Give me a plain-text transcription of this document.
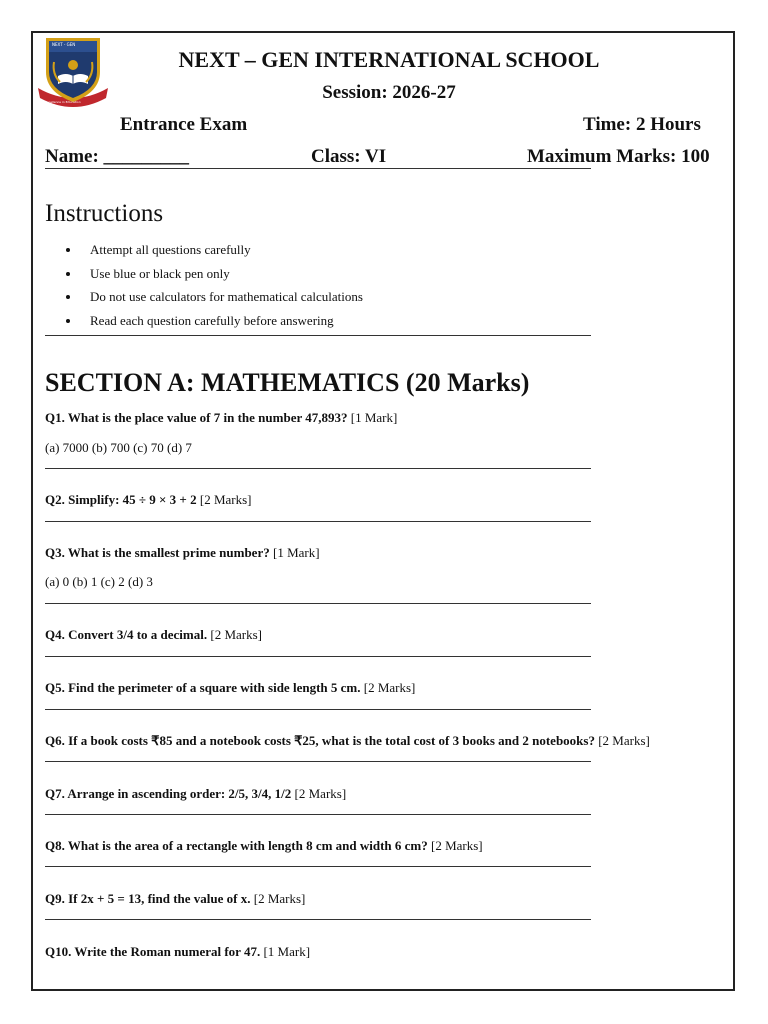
NEXT - GEN
Excellence in Education
NEXT – GEN INTERNATIONAL SCHOOL
Session: 2026-27
Entrance Exam	Time: 2 Hours
Name: _________	Class: VI	Maximum Marks: 100
Instructions
Attempt all questions carefully
Use blue or black pen only
Do not use calculators for mathematical calculations
Read each question carefully before answering
SECTION A: MATHEMATICS (20 Marks)
Q1. What is the place value of 7 in the number 47,893? [1 Mark]
(a) 7000 (b) 700 (c) 70 (d) 7
Q2. Simplify: 45 ÷ 9 × 3 + 2 [2 Marks]
Q3. What is the smallest prime number? [1 Mark]
(a) 0 (b) 1 (c) 2 (d) 3
Q4. Convert 3/4 to a decimal. [2 Marks]
Q5. Find the perimeter of a square with side length 5 cm. [2 Marks]
Q6. If a book costs ₹85 and a notebook costs ₹25, what is the total cost of 3 books and 2 notebooks? [2 Marks]
Q7. Arrange in ascending order: 2/5, 3/4, 1/2 [2 Marks]
Q8. What is the area of a rectangle with length 8 cm and width 6 cm? [2 Marks]
Q9. If 2x + 5 = 13, find the value of x. [2 Marks]
Q10. Write the Roman numeral for 47. [1 Mark]
